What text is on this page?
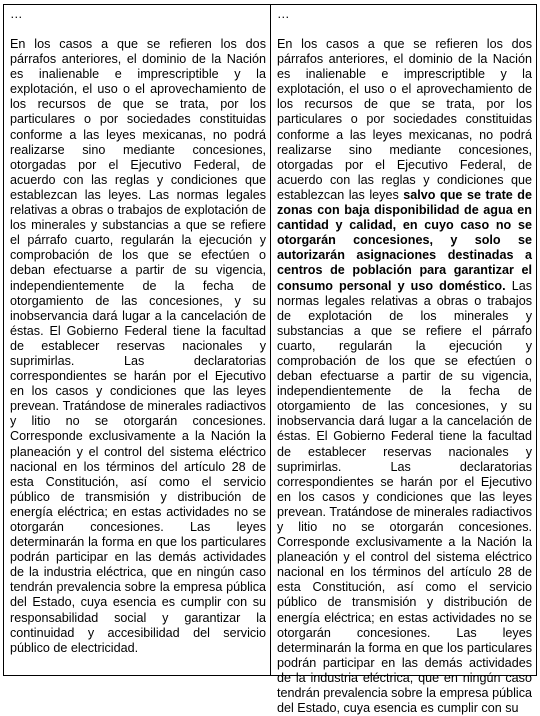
…

En los casos a que se refieren los dos párrafos anteriores, el dominio de la Nación es inalienable e imprescriptible y la explotación, el uso o el aprovechamiento de los recursos de que se trata, por los particulares o por sociedades constituidas conforme a las leyes mexicanas, no podrá realizarse sino mediante concesiones, otorgadas por el Ejecutivo Federal, de acuerdo con las reglas y condiciones que establezcan las leyes. Las normas legales relativas a obras o trabajos de explotación de los minerales y substancias a que se refiere el párrafo cuarto, regularán la ejecución y comprobación de los que se efectúen o deban efectuarse a partir de su vigencia, independientemente de la fecha de otorgamiento de las concesiones, y su inobservancia dará lugar a la cancelación de éstas. El Gobierno Federal tiene la facultad de establecer reservas nacionales y suprimirlas. Las declaratorias correspondientes se harán por el Ejecutivo en los casos y condiciones que las leyes prevean. Tratándose de minerales radiactivos y litio no se otorgarán concesiones. Corresponde exclusivamente a la Nación la planeación y el control del sistema eléctrico nacional en los términos del artículo 28 de esta Constitución, así como el servicio público de transmisión y distribución de energía eléctrica; en estas actividades no se otorgarán concesiones. Las leyes determinarán la forma en que los particulares podrán participar en las demás actividades de la industria eléctrica, que en ningún caso tendrán prevalencia sobre la empresa pública del Estado, cuya esencia es cumplir con su responsabilidad social y garantizar la continuidad y accesibilidad del servicio público de electricidad.

…

En los casos a que se refieren los dos párrafos anteriores, el dominio de la Nación es inalienable e imprescriptible y la explotación, el uso o el aprovechamiento de los recursos de que se trata, por los particulares o por sociedades constituidas conforme a las leyes mexicanas, no podrá realizarse sino mediante concesiones, otorgadas por el Ejecutivo Federal, de acuerdo con las reglas y condiciones que establezcan las leyes salvo que se trate de zonas con baja disponibilidad de agua en cantidad y calidad, en cuyo caso no se otorgarán concesiones, y solo se autorizarán asignaciones destinadas a centros de población para garantizar el consumo personal y uso doméstico. Las normas legales relativas a obras o trabajos de explotación de los minerales y substancias a que se refiere el párrafo cuarto, regularán la ejecución y comprobación de los que se efectúen o deban efectuarse a partir de su vigencia, independientemente de la fecha de otorgamiento de las concesiones, y su inobservancia dará lugar a la cancelación de éstas. El Gobierno Federal tiene la facultad de establecer reservas nacionales y suprimirlas. Las declaratorias correspondientes se harán por el Ejecutivo en los casos y condiciones que las leyes prevean. Tratándose de minerales radiactivos y litio no se otorgarán concesiones. Corresponde exclusivamente a la Nación la planeación y el control del sistema eléctrico nacional en los términos del artículo 28 de esta Constitución, así como el servicio público de transmisión y distribución de energía eléctrica; en estas actividades no se otorgarán concesiones. Las leyes determinarán la forma en que los particulares podrán participar en las demás actividades de la industria eléctrica, que en ningún caso tendrán prevalencia sobre la empresa pública del Estado, cuya esencia es cumplir con su
